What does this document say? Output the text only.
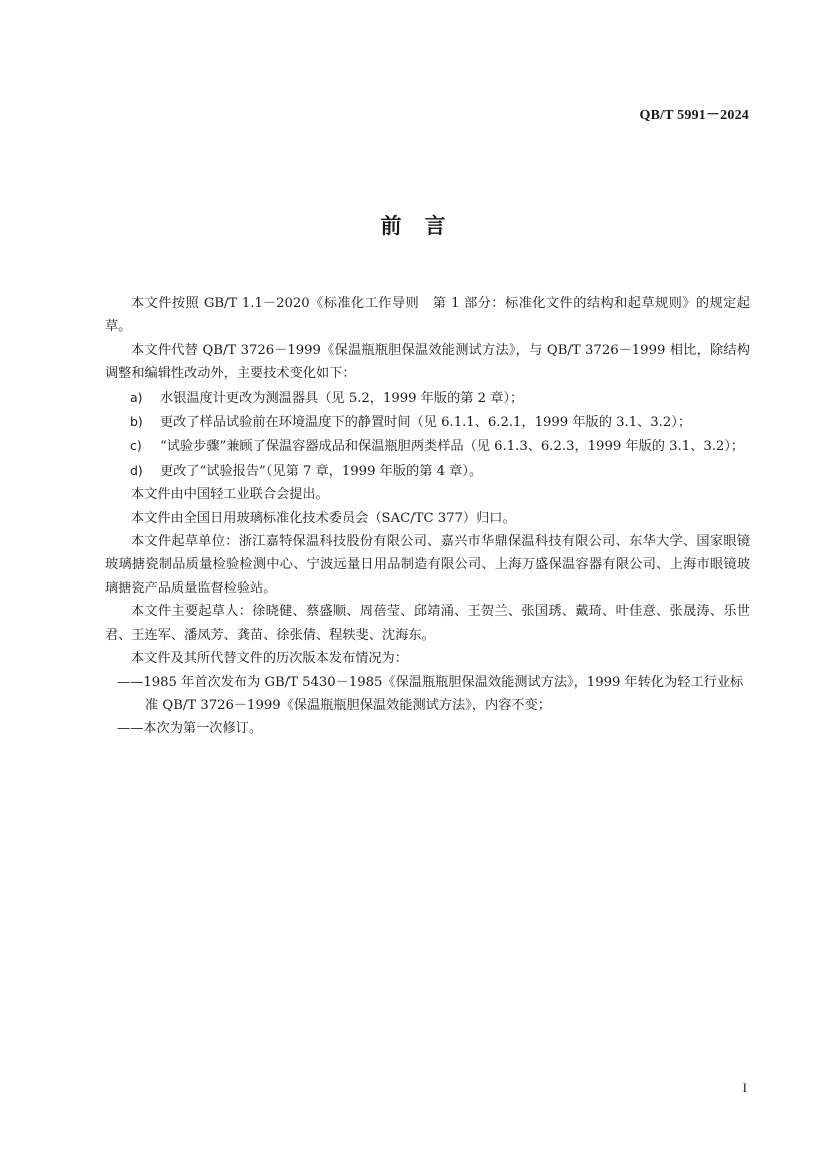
QB/T 5991－2024
前　言

本文件按照 GB/T 1.1－2020《标准化工作导则　第 1 部分：标准化文件的结构和起草规则》的规定起草。

本文件代替 QB/T 3726－1999《保温瓶瓶胆保温效能测试方法》，与 QB/T 3726－1999 相比，除结构调整和编辑性改动外，主要技术变化如下：

a) 水银温度计更改为测温器具（见 5.2，1999 年版的第 2 章）；

b) 更改了样品试验前在环境温度下的静置时间（见 6.1.1、6.2.1，1999 年版的 3.1、3.2）；

c) “试验步骤”兼顾了保温容器成品和保温瓶胆两类样品（见 6.1.3、6.2.3，1999 年版的 3.1、3.2）；

d) 更改了“试验报告”（见第 7 章，1999 年版的第 4 章）。

本文件由中国轻工业联合会提出。

本文件由全国日用玻璃标准化技术委员会（SAC/TC 377）归口。

本文件起草单位：浙江嘉特保温科技股份有限公司、嘉兴市华鼎保温科技有限公司、东华大学、国家眼镜玻璃搪瓷制品质量检验检测中心、宁波远量日用品制造有限公司、上海万盛保温容器有限公司、上海市眼镜玻璃搪瓷产品质量监督检验站。

本文件主要起草人：徐晓健、蔡盛顺、周蓓莹、邱靖涌、王贺兰、张国琇、戴琦、叶佳意、张晟涛、乐世君、王连军、潘凤芳、龚苗、徐张倩、程轶斐、沈海东。

本文件及其所代替文件的历次版本发布情况为：

——1985 年首次发布为 GB/T 5430－1985《保温瓶瓶胆保温效能测试方法》，1999 年转化为轻工行业标准 QB/T 3726－1999《保温瓶瓶胆保温效能测试方法》，内容不变；

——本次为第一次修订。

I
